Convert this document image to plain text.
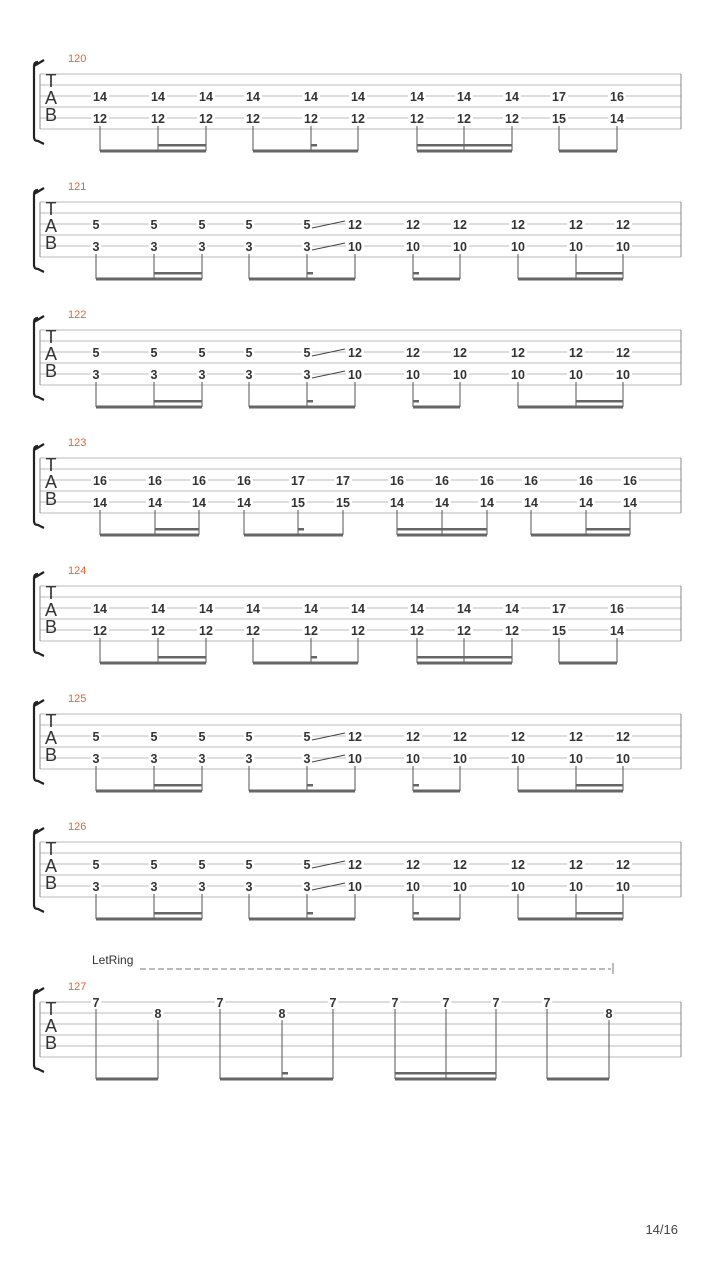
120
T
A
B
14
12
14
12
14
12
14
12
14
12
14
12
14
12
14
12
14
12
17
15
16
14
121
T
A
B
5
3
5
3
5
3
5
3
5
3
12
10
12
10
12
10
12
10
12
10
12
10
122
T
A
B
5
3
5
3
5
3
5
3
5
3
12
10
12
10
12
10
12
10
12
10
12
10
123
T
A
B
16
14
16
14
16
14
16
14
17
15
17
15
16
14
16
14
16
14
16
14
16
14
16
14
124
T
A
B
14
12
14
12
14
12
14
12
14
12
14
12
14
12
14
12
14
12
17
15
16
14
125
T
A
B
5
3
5
3
5
3
5
3
5
3
12
10
12
10
12
10
12
10
12
10
12
10
126
T
A
B
5
3
5
3
5
3
5
3
5
3
12
10
12
10
12
10
12
10
12
10
12
10
127
LetRing
T
A
B
7
8
7
8
7	7	7	7	7
8
14/16
